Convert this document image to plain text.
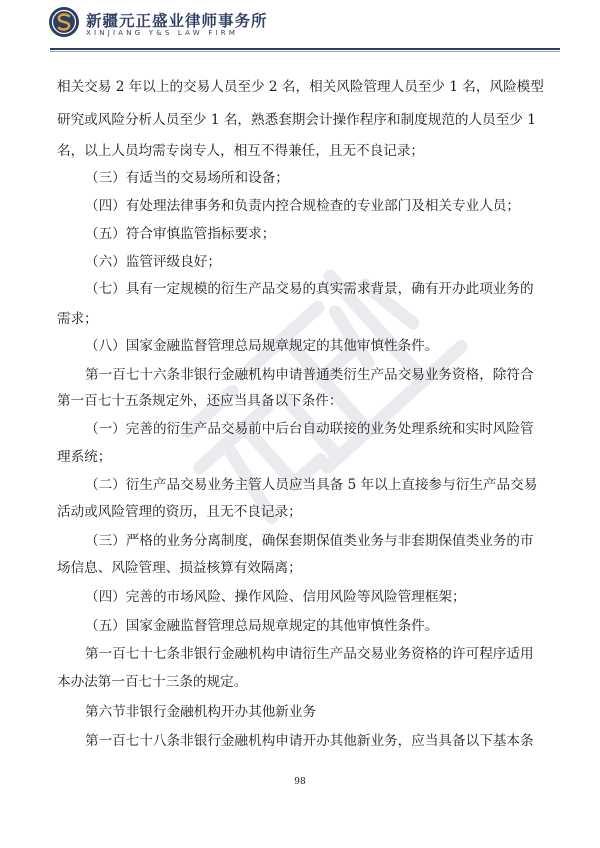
新疆元正盛业律师事务所
XINJIANG Y&S LAW FIRM
相关交易 2 年以上的交易人员至少 2 名，相关风险管理人员至少 1 名，风险模型
研究或风险分析人员至少 1 名，熟悉套期会计操作程序和制度规范的人员至少 1
名，以上人员均需专岗专人，相互不得兼任，且无不良记录；
（三）有适当的交易场所和设备；
（四）有处理法律事务和负责内控合规检查的专业部门及相关专业人员；
（五）符合审慎监管指标要求；
（六）监管评级良好；
（七）具有一定规模的衍生产品交易的真实需求背景，确有开办此项业务的
需求；
（八）国家金融监督管理总局规章规定的其他审慎性条件。
第一百七十六条非银行金融机构申请普通类衍生产品交易业务资格，除符合
第一百七十五条规定外，还应当具备以下条件：
（一）完善的衍生产品交易前中后台自动联接的业务处理系统和实时风险管
理系统；
（二）衍生产品交易业务主管人员应当具备 5 年以上直接参与衍生产品交易
活动或风险管理的资历，且无不良记录；
（三）严格的业务分离制度，确保套期保值类业务与非套期保值类业务的市
场信息、风险管理、损益核算有效隔离；
（四）完善的市场风险、操作风险、信用风险等风险管理框架；
（五）国家金融监督管理总局规章规定的其他审慎性条件。
第一百七十七条非银行金融机构申请衍生产品交易业务资格的许可程序适用
本办法第一百七十三条的规定。
第六节非银行金融机构开办其他新业务
第一百七十八条非银行金融机构申请开办其他新业务，应当具备以下基本条
98
